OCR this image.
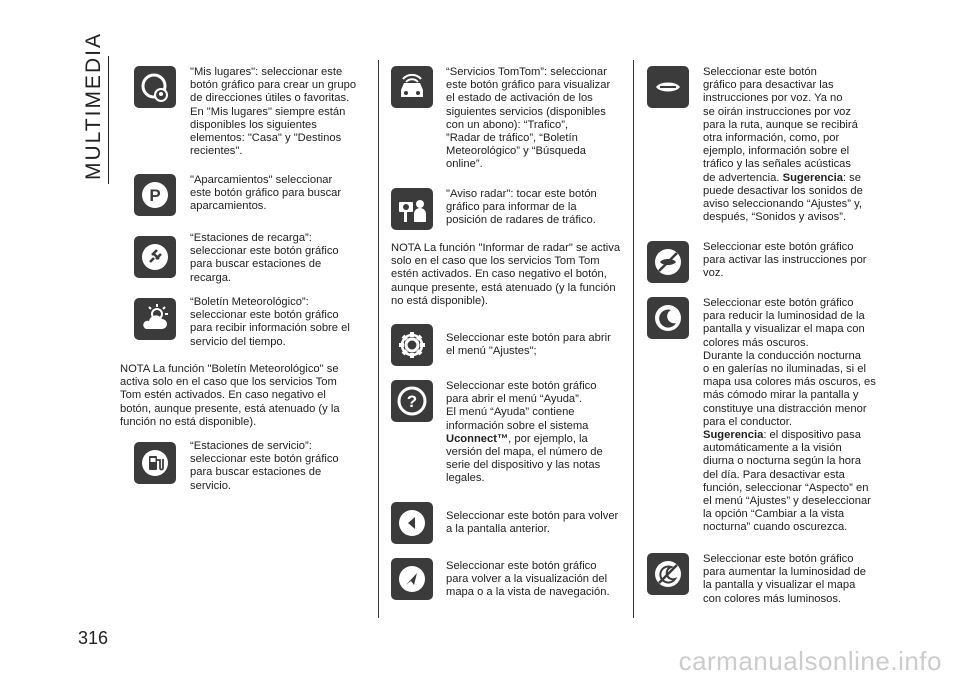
MULTIMEDIA
316
"Mis lugares": seleccionar este
botón gráfico para crear un grupo
de direcciones útiles o favoritas.
En "Mis lugares" siempre están
disponibles los siguientes
elementos: "Casa" y "Destinos
recientes".
P
"Aparcamientos" seleccionar
este botón gráfico para buscar
aparcamientos.
“Estaciones de recarga”:
seleccionar este botón gráfico
para buscar estaciones de
recarga.
“Boletín Meteorológico”:
seleccionar este botón gráfico
para recibir información sobre el
servicio del tiempo.
NOTA La función "Boletín Meteorológico" se activa solo en el caso que los servicios Tom Tom estén activados. En caso negativo el botón, aunque presente, está atenuado (y la función no está disponible).
“Estaciones de servicio”:
seleccionar este botón gráfico
para buscar estaciones de
servicio.
“Servicios TomTom”: seleccionar
este botón gráfico para visualizar
el estado de activación de los
siguientes servicios (disponibles
con un abono): “Trafico”,
”Radar de tráfico”, “Boletín
Meteorológico” y “Búsqueda
online”.
"Aviso radar": tocar este botón
gráfico para informar de la
posición de radares de tráfico.
NOTA La función "Informar de radar" se activa solo en el caso que los servicios Tom Tom estén activados. En caso negativo el botón, aunque presente, está atenuado (y la función no está disponible).
Seleccionar este botón para abrir
el menú "Ajustes";
?
Seleccionar este botón gráfico
para abrir el menú “Ayuda”.
El menú “Ayuda” contiene
información sobre el sistema
Uconnect™, por ejemplo, la
versión del mapa, el número de
serie del dispositivo y las notas
legales.
Seleccionar este botón para volver
a la pantalla anterior.
Seleccionar este botón gráfico
para volver a la visualización del
mapa o a la vista de navegación.
Seleccionar este botón
gráfico para desactivar las
instrucciones por voz. Ya no
se oirán instrucciones por voz
para la ruta, aunque se recibirá
otra información, como, por
ejemplo, información sobre el
tráfico y las señales acústicas
de advertencia. Sugerencia: se
puede desactivar los sonidos de
aviso seleccionando “Ajustes” y,
después, “Sonidos y avisos”.
Seleccionar este botón gráfico
para activar las instrucciones por
voz.
Seleccionar este botón gráfico
para reducir la luminosidad de la
pantalla y visualizar el mapa con
colores más oscuros.
Durante la conducción nocturna
o en galerías no iluminadas, si el
mapa usa colores más oscuros, es
más cómodo mirar la pantalla y
constituye una distracción menor
para el conductor.
Sugerencia: el dispositivo pasa
automáticamente a la visión
diurna o nocturna según la hora
del día. Para desactivar esta
función, seleccionar “Aspecto” en
el menú “Ajustes” y deseleccionar
la opción “Cambiar a la vista
nocturna” cuando oscurezca.
Seleccionar este botón gráfico
para aumentar la luminosidad de
la pantalla y visualizar el mapa
con colores más luminosos.
carmanualsonline.info
